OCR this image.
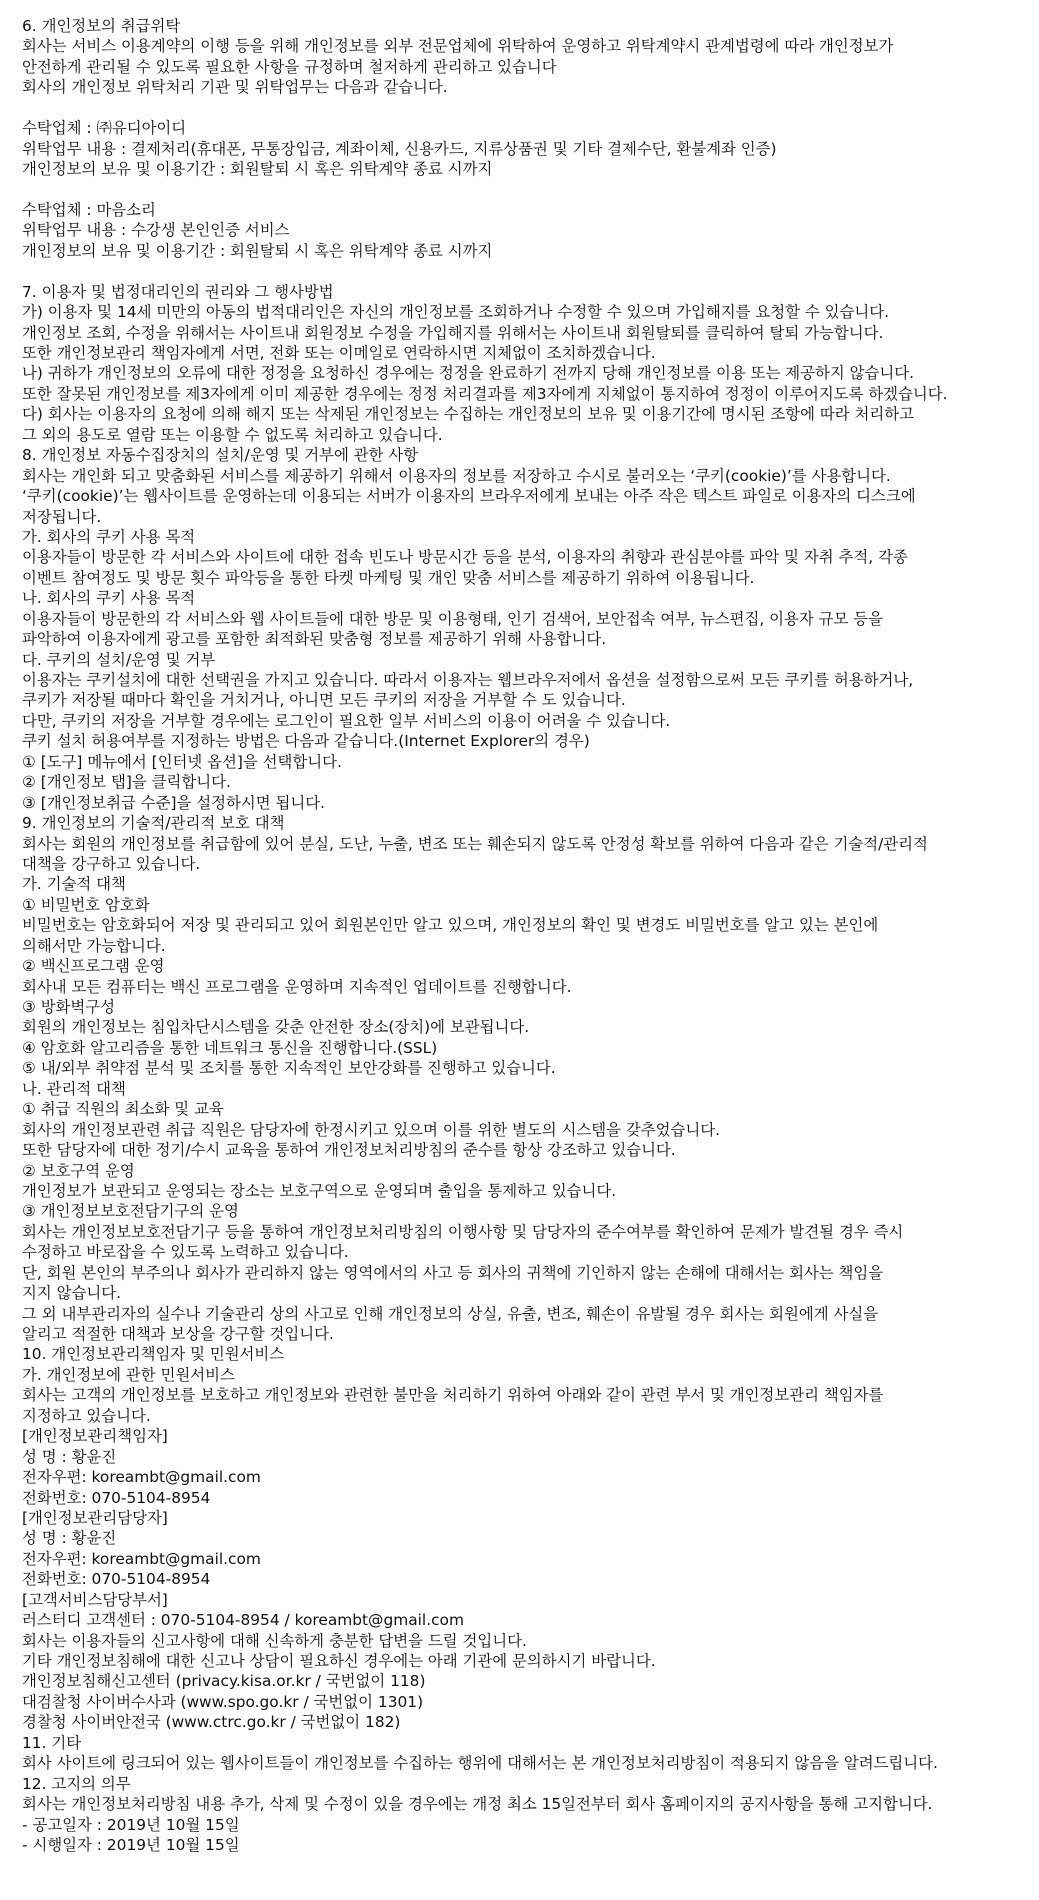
6. 개인정보의 취급위탁
회사는 서비스 이용계약의 이행 등을 위해 개인정보를 외부 전문업체에 위탁하여 운영하고 위탁계약시 관계법령에 따라 개인정보가
안전하게 관리될 수 있도록 필요한 사항을 규정하며 철저하게 관리하고 있습니다
회사의 개인정보 위탁처리 기관 및 위탁업무는 다음과 같습니다.
수탁업체 : ㈜유디아이디
위탁업무 내용 : 결제처리(휴대폰, 무통장입금, 계좌이체, 신용카드, 지류상품권 및 기타 결제수단, 환불계좌 인증)
개인정보의 보유 및 이용기간 : 회원탈퇴 시 혹은 위탁계약 종료 시까지
수탁업체 : 마음소리
위탁업무 내용 : 수강생 본인인증 서비스
개인정보의 보유 및 이용기간 : 회원탈퇴 시 혹은 위탁계약 종료 시까지
7. 이용자 및 법정대리인의 권리와 그 행사방법
가) 이용자 및 14세 미만의 아동의 법적대리인은 자신의 개인정보를 조회하거나 수정할 수 있으며 가입해지를 요청할 수 있습니다.
개인정보 조회, 수정을 위해서는 사이트내 회원정보 수정을 가입해지를 위해서는 사이트내 회원탈퇴를 클릭하여 탈퇴 가능합니다.
또한 개인정보관리 책임자에게 서면, 전화 또는 이메일로 연락하시면 지체없이 조치하겠습니다.
나) 귀하가 개인정보의 오류에 대한 정정을 요청하신 경우에는 정정을 완료하기 전까지 당해 개인정보를 이용 또는 제공하지 않습니다.
또한 잘못된 개인정보를 제3자에게 이미 제공한 경우에는 정정 처리결과를 제3자에게 지체없이 통지하여 정정이 이루어지도록 하겠습니다.
다) 회사는 이용자의 요청에 의해 해지 또는 삭제된 개인정보는 수집하는 개인정보의 보유 및 이용기간에 명시된 조항에 따라 처리하고
그 외의 용도로 열람 또는 이용할 수 없도록 처리하고 있습니다.
8. 개인정보 자동수집장치의 설치/운영 및 거부에 관한 사항
회사는 개인화 되고 맞춤화된 서비스를 제공하기 위해서 이용자의 정보를 저장하고 수시로 불러오는 ‘쿠키(cookie)’를 사용합니다.
‘쿠키(cookie)’는 웹사이트를 운영하는데 이용되는 서버가 이용자의 브라우저에게 보내는 아주 작은 텍스트 파일로 이용자의 디스크에
저장됩니다.
가. 회사의 쿠키 사용 목적
이용자들이 방문한 각 서비스와 사이트에 대한 접속 빈도나 방문시간 등을 분석, 이용자의 취향과 관심분야를 파악 및 자취 추적, 각종
이벤트 참여정도 및 방문 횟수 파악등을 통한 타켓 마케팅 및 개인 맞춤 서비스를 제공하기 위하여 이용됩니다.
나. 회사의 쿠키 사용 목적
이용자들이 방문한의 각 서비스와 웹 사이트들에 대한 방문 및 이용형태, 인기 검색어, 보안접속 여부, 뉴스편집, 이용자 규모 등을
파악하여 이용자에게 광고를 포함한 최적화된 맞춤형 정보를 제공하기 위해 사용합니다.
다. 쿠키의 설치/운영 및 거부
이용자는 쿠키설치에 대한 선택권을 가지고 있습니다. 따라서 이용자는 웹브라우저에서 옵션을 설정함으로써 모든 쿠키를 허용하거나,
쿠키가 저장될 때마다 확인을 거치거나, 아니면 모든 쿠키의 저장을 거부할 수 도 있습니다.
다만, 쿠키의 저장을 거부할 경우에는 로그인이 필요한 일부 서비스의 이용이 어려울 수 있습니다.
쿠키 설치 허용여부를 지정하는 방법은 다음과 같습니다.(Internet Explorer의 경우)
① [도구] 메뉴에서 [인터넷 옵션]을 선택합니다.
② [개인정보 탭]을 클릭합니다.
③ [개인정보취급 수준]을 설정하시면 됩니다.
9. 개인정보의 기술적/관리적 보호 대책
회사는 회원의 개인정보를 취급함에 있어 분실, 도난, 누출, 변조 또는 훼손되지 않도록 안정성 확보를 위하여 다음과 같은 기술적/관리적
대책을 강구하고 있습니다.
가. 기술적 대책
① 비밀번호 암호화
비밀번호는 암호화되어 저장 및 관리되고 있어 회원본인만 알고 있으며, 개인정보의 확인 및 변경도 비밀번호를 알고 있는 본인에
의해서만 가능합니다.
② 백신프로그램 운영
회사내 모든 컴퓨터는 백신 프로그램을 운영하며 지속적인 업데이트를 진행합니다.
③ 방화벽구성
회원의 개인정보는 침입차단시스템을 갖춘 안전한 장소(장치)에 보관됩니다.
④ 암호화 알고리즘을 통한 네트워크 통신을 진행합니다.(SSL)
⑤ 내/외부 취약점 분석 및 조치를 통한 지속적인 보안강화를 진행하고 있습니다.
나. 관리적 대책
① 취급 직원의 최소화 및 교육
회사의 개인정보관련 취급 직원은 담당자에 한정시키고 있으며 이를 위한 별도의 시스템을 갖추었습니다.
또한 담당자에 대한 정기/수시 교육을 통하여 개인정보처리방침의 준수를 항상 강조하고 있습니다.
② 보호구역 운영
개인정보가 보관되고 운영되는 장소는 보호구역으로 운영되며 출입을 통제하고 있습니다.
③ 개인정보보호전담기구의 운영
회사는 개인정보보호전담기구 등을 통하여 개인정보처리방침의 이행사항 및 담당자의 준수여부를 확인하여 문제가 발견될 경우 즉시
수정하고 바로잡을 수 있도록 노력하고 있습니다.
단, 회원 본인의 부주의나 회사가 관리하지 않는 영역에서의 사고 등 회사의 귀책에 기인하지 않는 손해에 대해서는 회사는 책임을
지지 않습니다.
그 외 내부관리자의 실수나 기술관리 상의 사고로 인해 개인정보의 상실, 유출, 변조, 훼손이 유발될 경우 회사는 회원에게 사실을
알리고 적절한 대책과 보상을 강구할 것입니다.
10. 개인정보관리책임자 및 민원서비스
가. 개인정보에 관한 민원서비스
회사는 고객의 개인정보를 보호하고 개인정보와 관련한 불만을 처리하기 위하여 아래와 같이 관련 부서 및 개인정보관리 책임자를
지정하고 있습니다.
[개인정보관리책임자]
성 명 : 황윤진
전자우편: koreambt@gmail.com
전화번호: 070-5104-8954
[개인정보관리담당자]
성 명 : 황윤진
전자우편: koreambt@gmail.com
전화번호: 070-5104-8954
[고객서비스담당부서]
러스터디 고객센터 : 070-5104-8954 / koreambt@gmail.com
회사는 이용자들의 신고사항에 대해 신속하게 충분한 답변을 드릴 것입니다.
기타 개인정보침해에 대한 신고나 상담이 필요하신 경우에는 아래 기관에 문의하시기 바랍니다.
개인정보침해신고센터 (privacy.kisa.or.kr / 국번없이 118)
대검찰청 사이버수사과 (www.spo.go.kr / 국번없이 1301)
경찰청 사이버안전국 (www.ctrc.go.kr / 국번없이 182)
11. 기타
회사 사이트에 링크되어 있는 웹사이트들이 개인정보를 수집하는 행위에 대해서는 본 개인정보처리방침이 적용되지 않음을 알려드립니다.
12. 고지의 의무
회사는 개인정보처리방침 내용 추가, 삭제 및 수정이 있을 경우에는 개정 최소 15일전부터 회사 홈페이지의 공지사항을 통해 고지합니다.
- 공고일자 : 2019년 10월 15일
- 시행일자 : 2019년 10월 15일
